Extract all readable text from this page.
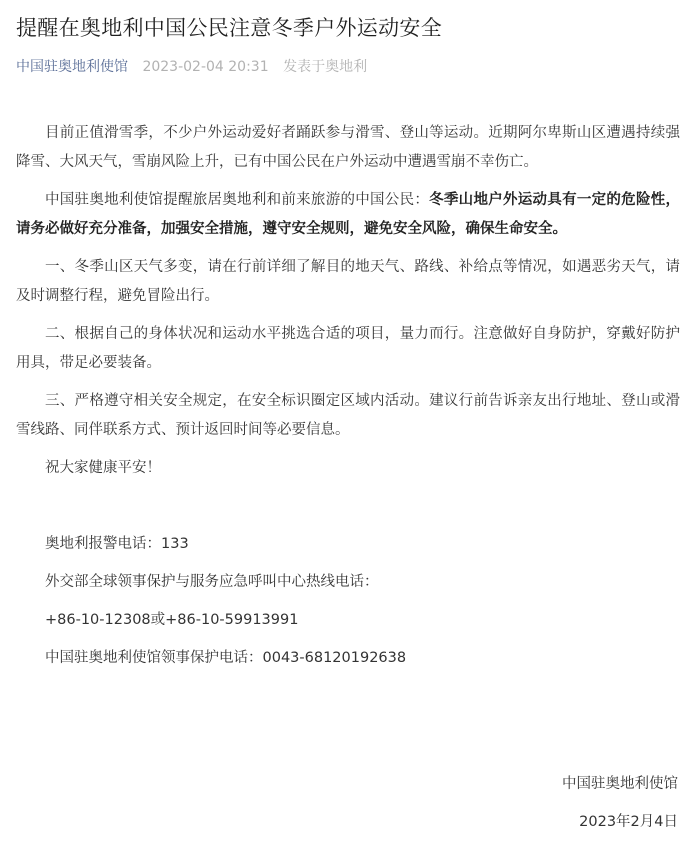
提醒在奥地利中国公民注意冬季户外运动安全
中国驻奥地利使馆 2023-02-04 20:31 发表于奥地利

目前正值滑雪季，不少户外运动爱好者踊跃参与滑雪、登山等运动。近期阿尔卑斯山区遭遇持续强降雪、大风天气，雪崩风险上升，已有中国公民在户外运动中遭遇雪崩不幸伤亡。

中国驻奥地利使馆提醒旅居奥地利和前来旅游的中国公民：冬季山地户外运动具有一定的危险性，请务必做好充分准备，加强安全措施，遵守安全规则，避免安全风险，确保生命安全。

一、冬季山区天气多变，请在行前详细了解目的地天气、路线、补给点等情况，如遇恶劣天气，请及时调整行程，避免冒险出行。

二、根据自己的身体状况和运动水平挑选合适的项目，量力而行。注意做好自身防护，穿戴好防护用具，带足必要装备。

三、严格遵守相关安全规定，在安全标识圈定区域内活动。建议行前告诉亲友出行地址、登山或滑雪线路、同伴联系方式、预计返回时间等必要信息。

祝大家健康平安！

奥地利报警电话：133

外交部全球领事保护与服务应急呼叫中心热线电话：

+86-10-12308或+86-10-59913991

中国驻奥地利使馆领事保护电话：0043-68120192638

中国驻奥地利使馆
2023年2月4日
